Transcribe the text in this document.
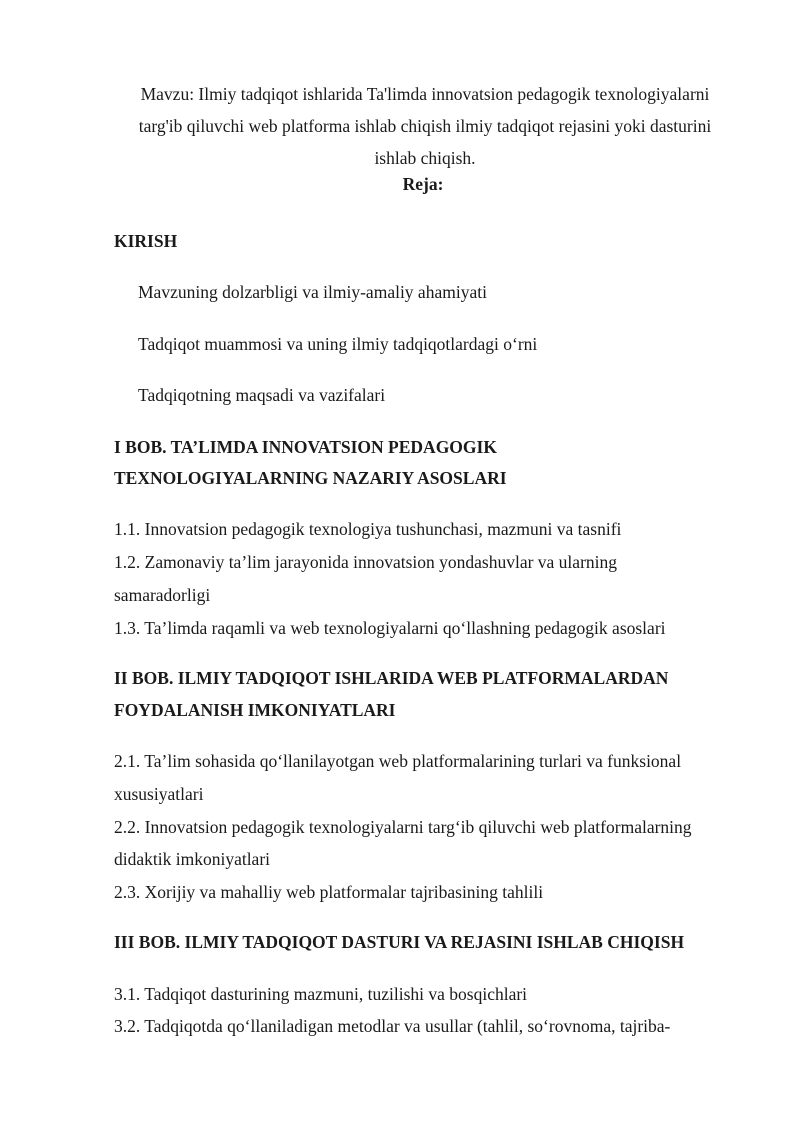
Mavzu: Ilmiy tadqiqot ishlarida Ta'limda innovatsion pedagogik texnologiyalarni
targ'ib qiluvchi web platforma ishlab chiqish ilmiy tadqiqot rejasini yoki dasturini
ishlab chiqish.
Reja:
KIRISH
Mavzuning dolzarbligi va ilmiy-amaliy ahamiyati
Tadqiqot muammosi va uning ilmiy tadqiqotlardagi o‘rni
Tadqiqotning maqsadi va vazifalari
I BOB. TA’LIMDA INNOVATSION PEDAGOGIK
TEXNOLOGIYALARNING NAZARIY ASOSLARI
1.1. Innovatsion pedagogik texnologiya tushunchasi, mazmuni va tasnifi
1.2. Zamonaviy ta’lim jarayonida innovatsion yondashuvlar va ularning
samaradorligi
1.3. Ta’limda raqamli va web texnologiyalarni qo‘llashning pedagogik asoslari
II BOB. ILMIY TADQIQOT ISHLARIDA WEB PLATFORMALARDAN
FOYDALANISH IMKONIYATLARI
2.1. Ta’lim sohasida qo‘llanilayotgan web platformalarining turlari va funksional
xususiyatlari
2.2. Innovatsion pedagogik texnologiyalarni targ‘ib qiluvchi web platformalarning
didaktik imkoniyatlari
2.3. Xorijiy va mahalliy web platformalar tajribasining tahlili
III BOB. ILMIY TADQIQOT DASTURI VA REJASINI ISHLAB CHIQISH
3.1. Tadqiqot dasturining mazmuni, tuzilishi va bosqichlari
3.2. Tadqiqotda qo‘llaniladigan metodlar va usullar (tahlil, so‘rovnoma, tajriba-
